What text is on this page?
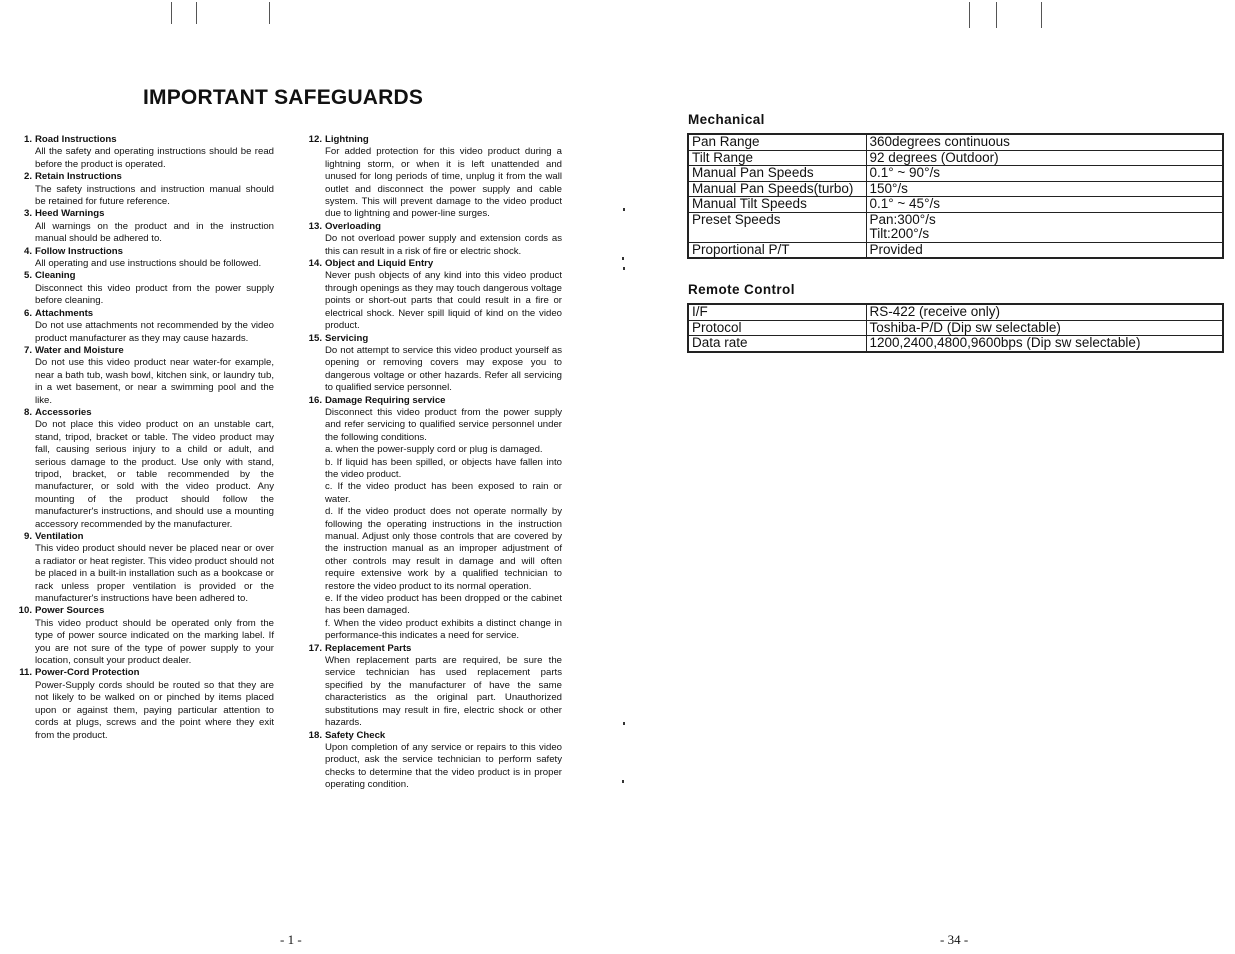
IMPORTANT SAFEGUARDS
1. Road Instructions

All the safety and operating instructions should be read before the product is operated.

2. Retain Instructions

The safety instructions and instruction manual should be retained for future reference.

3. Heed Warnings

All warnings on the product and in the instruction manual should be adhered to.

4. Follow Instructions

All operating and use instructions should be followed.

5. Cleaning

Disconnect this video product from the power supply before cleaning.

6. Attachments

Do not use attachments not recommended by the video product manufacturer as they may cause hazards.

7. Water and Moisture

Do not use this video product near water-for example, near a bath tub, wash bowl, kitchen sink, or laundry tub, in a wet basement, or near a swimming pool and the like.

8. Accessories

Do not place this video product on an unstable cart, stand, tripod, bracket or table. The video product may fall, causing serious injury to a child or adult, and serious damage to the product. Use only with stand, tripod, bracket, or table recommended by the manufacturer, or sold with the video product. Any mounting of the product should follow the manufacturer's instructions, and should use a mounting accessory recommended by the manufacturer.

9. Ventilation

This video product should never be placed near or over a radiator or heat register. This video product should not be placed in a built-in installation such as a bookcase or rack unless proper ventilation is provided or the manufacturer's instructions have been adhered to.

10. Power Sources

This video product should be operated only from the type of power source indicated on the marking label. If you are not sure of the type of power supply to your location, consult your product dealer.

11. Power-Cord Protection

Power-Supply cords should be routed so that they are not likely to be walked on or pinched by items placed upon or against them, paying particular attention to cords at plugs, screws and the point where they exit from the product.

12. Lightning

For added protection for this video product during a lightning storm, or when it is left unattended and unused for long periods of time, unplug it from the wall outlet and disconnect the power supply and cable system. This will prevent damage to the video product due to lightning and power-line surges.

13. Overloading

Do not overload power supply and extension cords as this can result in a risk of fire or electric shock.

14. Object and Liquid Entry

Never push objects of any kind into this video product through openings as they may touch dangerous voltage points or short-out parts that could result in a fire or electrical shock. Never spill liquid of kind on the video product.

15. Servicing

Do not attempt to service this video product yourself as opening or removing covers may expose you to dangerous voltage or other hazards. Refer all servicing to qualified service personnel.

16. Damage Requiring service

Disconnect this video product from the power supply and refer servicing to qualified service personnel under the following conditions.

a. when the power-supply cord or plug is damaged.

b. If liquid has been spilled, or objects have fallen into the video product.

c. If the video product has been exposed to rain or water.

d. If the video product does not operate normally by following the operating instructions in the instruction manual. Adjust only those controls that are covered by the instruction manual as an improper adjustment of other controls may result in damage and will often require extensive work by a qualified technician to restore the video product to its normal operation.

e. If the video product has been dropped or the cabinet has been damaged.

f. When the video product exhibits a distinct change in performance-this indicates a need for service.

17. Replacement Parts

When replacement parts are required, be sure the service technician has used replacement parts specified by the manufacturer of have the same characteristics as the original part. Unauthorized substitutions may result in fire, electric shock or other hazards.

18. Safety Check

Upon completion of any service or repairs to this video product, ask the service technician to perform safety checks to determine that the video product is in proper operating condition.

- 1 -
Mechanical
Pan Range	360degrees continuous
Tilt Range	92 degrees (Outdoor)
Manual Pan Speeds	0.1° ~ 90°/s
Manual Pan Speeds(turbo)	150°/s
Manual Tilt Speeds	0.1° ~ 45°/s
Preset Speeds	Pan:300°/s
	Tilt:200°/s
Proportional P/T	Provided
Remote Control
I/F	RS-422 (receive only)
Protocol	Toshiba-P/D (Dip sw selectable)
Data rate	1200,2400,4800,9600bps (Dip sw selectable)
- 34 -
